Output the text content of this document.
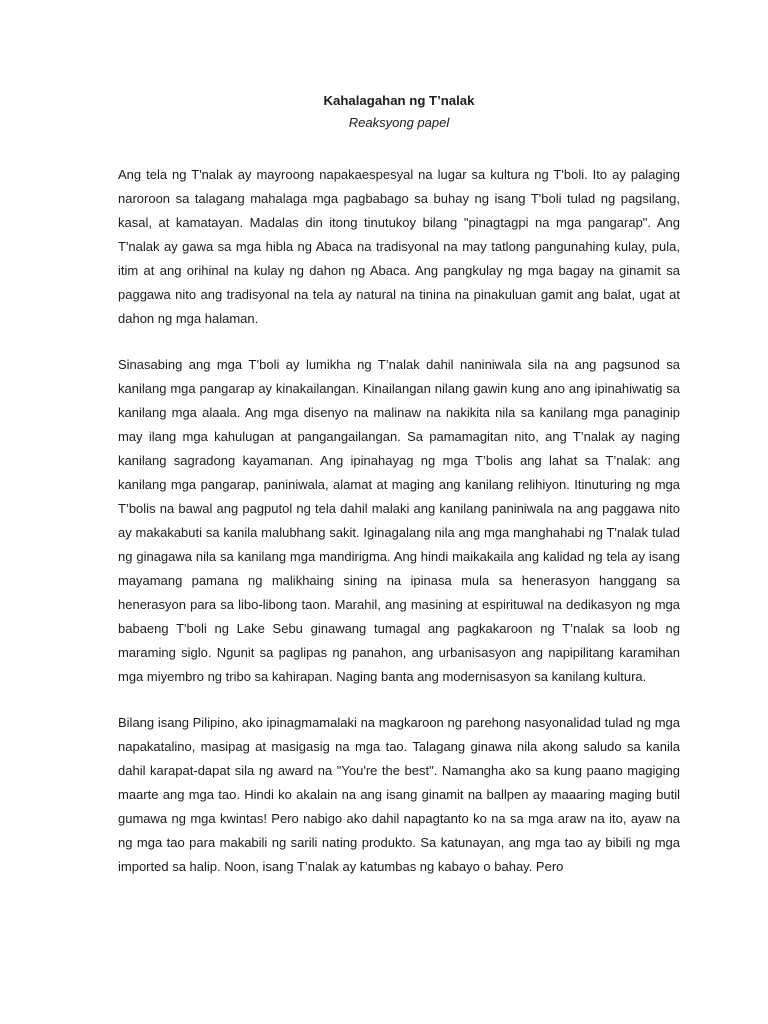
Kahalagahan ng T’nalak
Reaksyong papel

Ang tela ng T'nalak ay mayroong napakaespesyal na lugar sa kultura ng T'boli. Ito ay palaging naroroon sa talagang mahalaga mga pagbabago sa buhay ng isang T'boli tulad ng pagsilang, kasal, at kamatayan. Madalas din itong tinutukoy bilang "pinagtagpi na mga pangarap". Ang T'nalak ay gawa sa mga hibla ng Abaca na tradisyonal na may tatlong pangunahing kulay, pula, itim at ang orihinal na kulay ng dahon ng Abaca. Ang pangkulay ng mga bagay na ginamit sa paggawa nito ang tradisyonal na tela ay natural na tinina na pinakuluan gamit ang balat, ugat at dahon ng mga halaman.

Sinasabing ang mga T’boli ay lumikha ng T’nalak dahil naniniwala sila na ang pagsunod sa kanilang mga pangarap ay kinakailangan. Kinailangan nilang gawin kung ano ang ipinahiwatig sa kanilang mga alaala. Ang mga disenyo na malinaw na nakikita nila sa kanilang mga panaginip may ilang mga kahulugan at pangangailangan. Sa pamamagitan nito, ang T’nalak ay naging kanilang sagradong kayamanan. Ang ipinahayag ng mga T’bolis ang lahat sa T’nalak: ang kanilang mga pangarap, paniniwala, alamat at maging ang kanilang relihiyon. Itinuturing ng mga T’bolis na bawal ang pagputol ng tela dahil malaki ang kanilang paniniwala na ang paggawa nito ay makakabuti sa kanila malubhang sakit. Iginagalang nila ang mga manghahabi ng T'nalak tulad ng ginagawa nila sa kanilang mga mandirigma. Ang hindi maikakaila ang kalidad ng tela ay isang mayamang pamana ng malikhaing sining na ipinasa mula sa henerasyon hanggang sa henerasyon para sa libo-libong taon. Marahil, ang masining at espirituwal na dedikasyon ng mga babaeng T'boli ng Lake Sebu ginawang tumagal ang pagkakaroon ng T’nalak sa loob ng maraming siglo. Ngunit sa paglipas ng panahon, ang urbanisasyon ang napipilitang karamihan mga miyembro ng tribo sa kahirapan. Naging banta ang modernisasyon sa kanilang kultura.

Bilang isang Pilipino, ako ipinagmamalaki na magkaroon ng parehong nasyonalidad tulad ng mga napakatalino, masipag at masigasig na mga tao. Talagang ginawa nila akong saludo sa kanila dahil karapat-dapat sila ng award na "You're the best". Namangha ako sa kung paano magiging maarte ang mga tao. Hindi ko akalain na ang isang ginamit na ballpen ay maaaring maging butil gumawa ng mga kwintas! Pero nabigo ako dahil napagtanto ko na sa mga araw na ito, ayaw na ng mga tao para makabili ng sarili nating produkto. Sa katunayan, ang mga tao ay bibili ng mga imported sa halip. Noon, isang T’nalak ay katumbas ng kabayo o bahay. Pero
